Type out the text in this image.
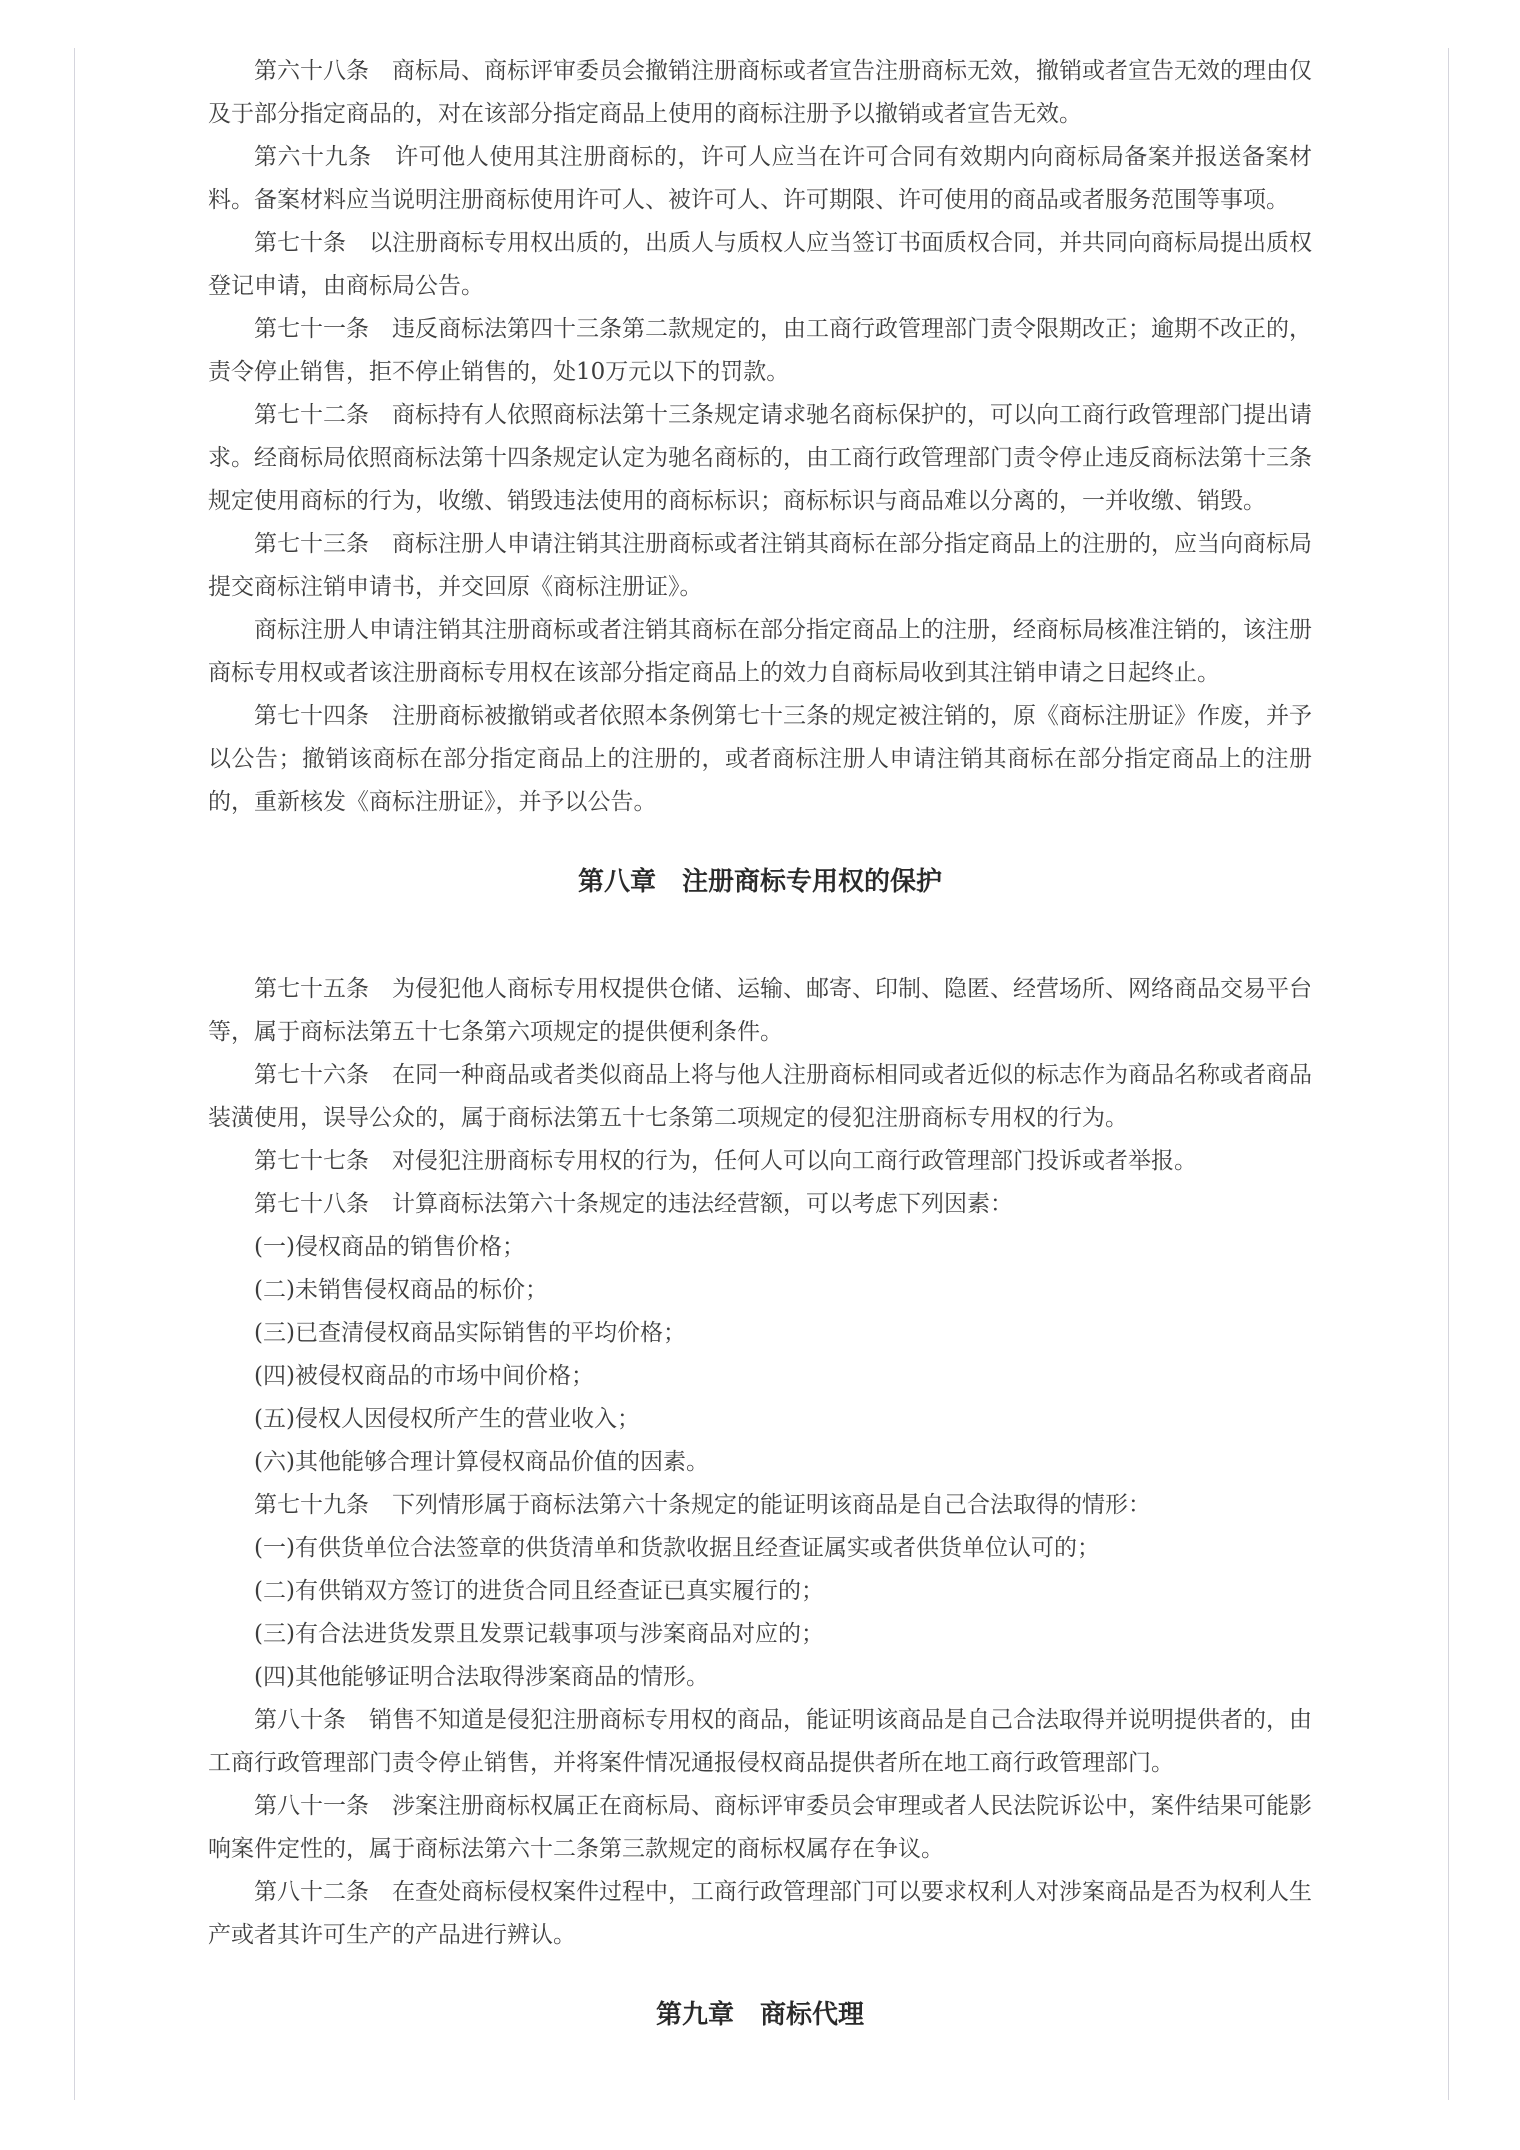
第六十八条　商标局、商标评审委员会撤销注册商标或者宣告注册商标无效，撤销或者宣告无效的理由仅及于部分指定商品的，对在该部分指定商品上使用的商标注册予以撤销或者宣告无效。

第六十九条　许可他人使用其注册商标的，许可人应当在许可合同有效期内向商标局备案并报送备案材料。备案材料应当说明注册商标使用许可人、被许可人、许可期限、许可使用的商品或者服务范围等事项。

第七十条　以注册商标专用权出质的，出质人与质权人应当签订书面质权合同，并共同向商标局提出质权登记申请，由商标局公告。

第七十一条　违反商标法第四十三条第二款规定的，由工商行政管理部门责令限期改正；逾期不改正的，责令停止销售，拒不停止销售的，处10万元以下的罚款。

第七十二条　商标持有人依照商标法第十三条规定请求驰名商标保护的，可以向工商行政管理部门提出请求。经商标局依照商标法第十四条规定认定为驰名商标的，由工商行政管理部门责令停止违反商标法第十三条规定使用商标的行为，收缴、销毁违法使用的商标标识；商标标识与商品难以分离的，一并收缴、销毁。

第七十三条　商标注册人申请注销其注册商标或者注销其商标在部分指定商品上的注册的，应当向商标局提交商标注销申请书，并交回原《商标注册证》。

商标注册人申请注销其注册商标或者注销其商标在部分指定商品上的注册，经商标局核准注销的，该注册商标专用权或者该注册商标专用权在该部分指定商品上的效力自商标局收到其注销申请之日起终止。

第七十四条　注册商标被撤销或者依照本条例第七十三条的规定被注销的，原《商标注册证》作废，并予以公告；撤销该商标在部分指定商品上的注册的，或者商标注册人申请注销其商标在部分指定商品上的注册的，重新核发《商标注册证》，并予以公告。

第八章　注册商标专用权的保护

第七十五条　为侵犯他人商标专用权提供仓储、运输、邮寄、印制、隐匿、经营场所、网络商品交易平台等，属于商标法第五十七条第六项规定的提供便利条件。

第七十六条　在同一种商品或者类似商品上将与他人注册商标相同或者近似的标志作为商品名称或者商品装潢使用，误导公众的，属于商标法第五十七条第二项规定的侵犯注册商标专用权的行为。

第七十七条　对侵犯注册商标专用权的行为，任何人可以向工商行政管理部门投诉或者举报。

第七十八条　计算商标法第六十条规定的违法经营额，可以考虑下列因素：

(一)侵权商品的销售价格；

(二)未销售侵权商品的标价；

(三)已查清侵权商品实际销售的平均价格；

(四)被侵权商品的市场中间价格；

(五)侵权人因侵权所产生的营业收入；

(六)其他能够合理计算侵权商品价值的因素。

第七十九条　下列情形属于商标法第六十条规定的能证明该商品是自己合法取得的情形：

(一)有供货单位合法签章的供货清单和货款收据且经查证属实或者供货单位认可的；

(二)有供销双方签订的进货合同且经查证已真实履行的；

(三)有合法进货发票且发票记载事项与涉案商品对应的；

(四)其他能够证明合法取得涉案商品的情形。

第八十条　销售不知道是侵犯注册商标专用权的商品，能证明该商品是自己合法取得并说明提供者的，由工商行政管理部门责令停止销售，并将案件情况通报侵权商品提供者所在地工商行政管理部门。

第八十一条　涉案注册商标权属正在商标局、商标评审委员会审理或者人民法院诉讼中，案件结果可能影响案件定性的，属于商标法第六十二条第三款规定的商标权属存在争议。

第八十二条　在查处商标侵权案件过程中，工商行政管理部门可以要求权利人对涉案商品是否为权利人生产或者其许可生产的产品进行辨认。

第九章　商标代理
